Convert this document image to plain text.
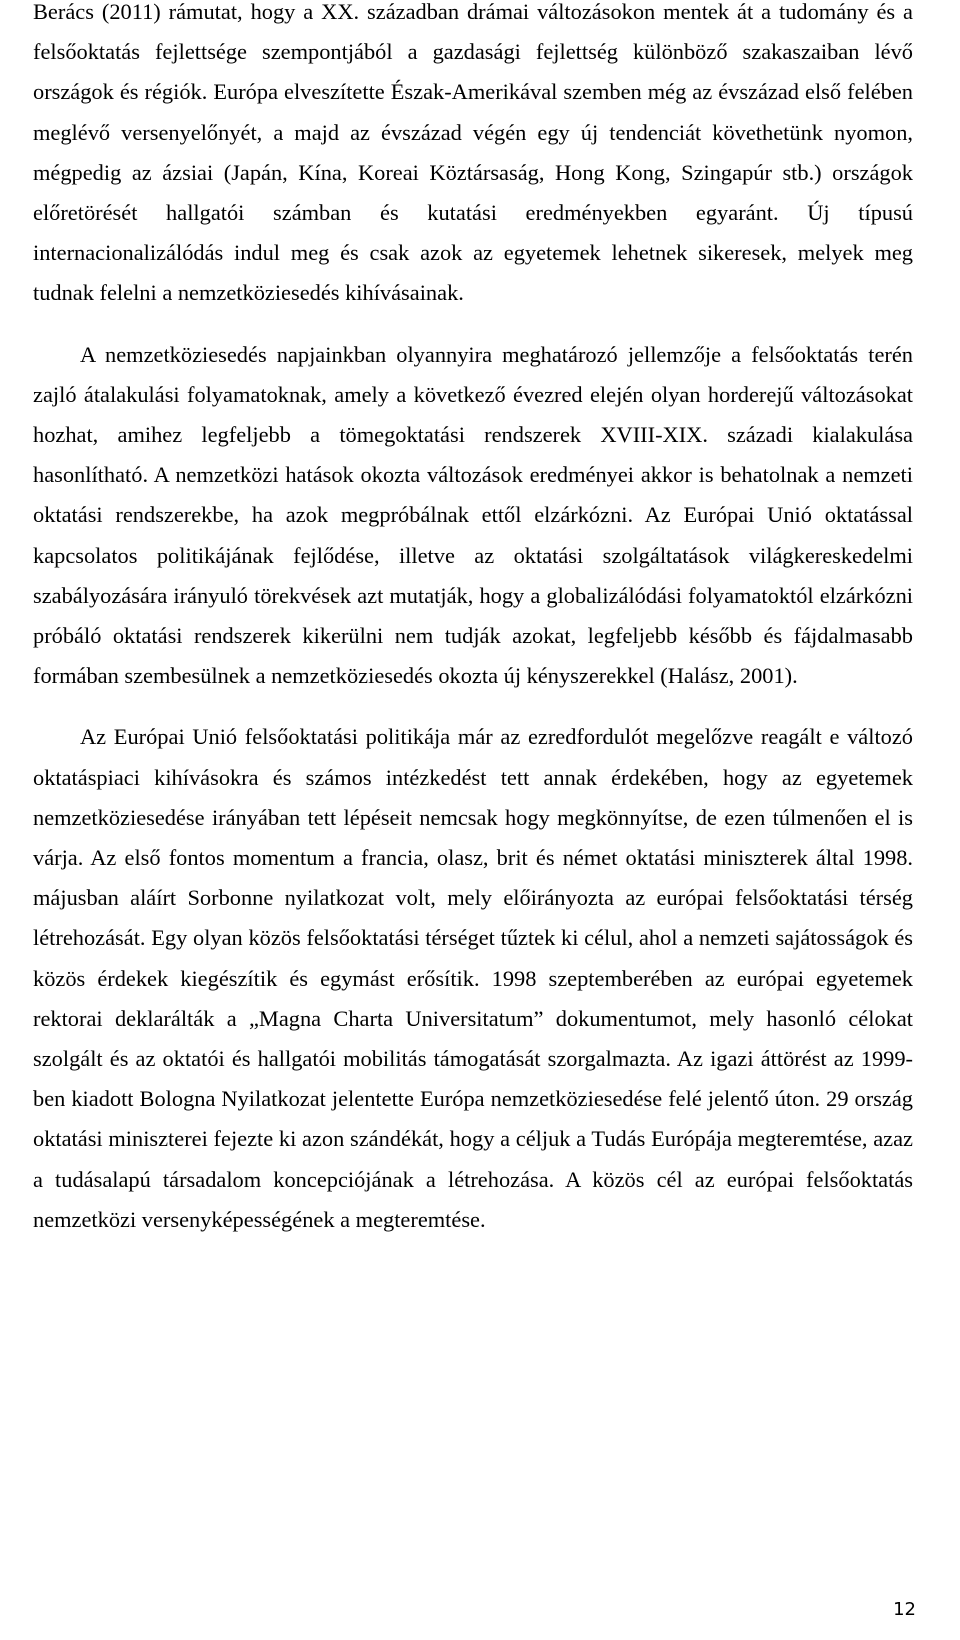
Berács (2011) rámutat, hogy a XX. században drámai változásokon mentek át a tudomány és a felsőoktatás fejlettsége szempontjából a gazdasági fejlettség különböző szakaszaiban lévő országok és régiók. Európa elveszítette Észak-Amerikával szemben még az évszázad első felében meglévő versenyelőnyét, a majd az évszázad végén egy új tendenciát követhetünk nyomon, mégpedig az ázsiai (Japán, Kína, Koreai Köztársaság, Hong Kong, Szingapúr stb.) országok előretörését hallgatói számban és kutatási eredményekben egyaránt. Új típusú internacionalizálódás indul meg és csak azok az egyetemek lehetnek sikeresek, melyek meg tudnak felelni a nemzetköziesedés kihívásainak.

A nemzetköziesedés napjainkban olyannyira meghatározó jellemzője a felsőoktatás terén zajló átalakulási folyamatoknak, amely a következő évezred elején olyan horderejű változásokat hozhat, amihez legfeljebb a tömegoktatási rendszerek XVIII-XIX. századi kialakulása hasonlítható. A nemzetközi hatások okozta változások eredményei akkor is behatolnak a nemzeti oktatási rendszerekbe, ha azok megpróbálnak ettől elzárkózni. Az Európai Unió oktatással kapcsolatos politikájának fejlődése, illetve az oktatási szolgáltatások világkereskedelmi szabályozására irányuló törekvések azt mutatják, hogy a globalizálódási folyamatoktól elzárkózni próbáló oktatási rendszerek kikerülni nem tudják azokat, legfeljebb később és fájdalmasabb formában szembesülnek a nemzetköziesedés okozta új kényszerekkel (Halász, 2001).

Az Európai Unió felsőoktatási politikája már az ezredfordulót megelőzve reagált e változó oktatáspiaci kihívásokra és számos intézkedést tett annak érdekében, hogy az egyetemek nemzetköziesedése irányában tett lépéseit nemcsak hogy megkönnyítse, de ezen túlmenően el is várja. Az első fontos momentum a francia, olasz, brit és német oktatási miniszterek által 1998. májusban aláírt Sorbonne nyilatkozat volt, mely előirányozta az európai felsőoktatási térség létrehozását. Egy olyan közös felsőoktatási térséget tűztek ki célul, ahol a nemzeti sajátosságok és közös érdekek kiegészítik és egymást erősítik. 1998 szeptemberében az európai egyetemek rektorai deklarálták a „Magna Charta Universitatum” dokumentumot, mely hasonló célokat szolgált és az oktatói és hallgatói mobilitás támogatását szorgalmazta. Az igazi áttörést az 1999-ben kiadott Bologna Nyilatkozat jelentette Európa nemzetköziesedése felé jelentő úton. 29 ország oktatási miniszterei fejezte ki azon szándékát, hogy a céljuk a Tudás Európája megteremtése, azaz a tudásalapú társadalom koncepciójának a létrehozása. A közös cél az európai felsőoktatás nemzetközi versenyképességének a megteremtése.

12
